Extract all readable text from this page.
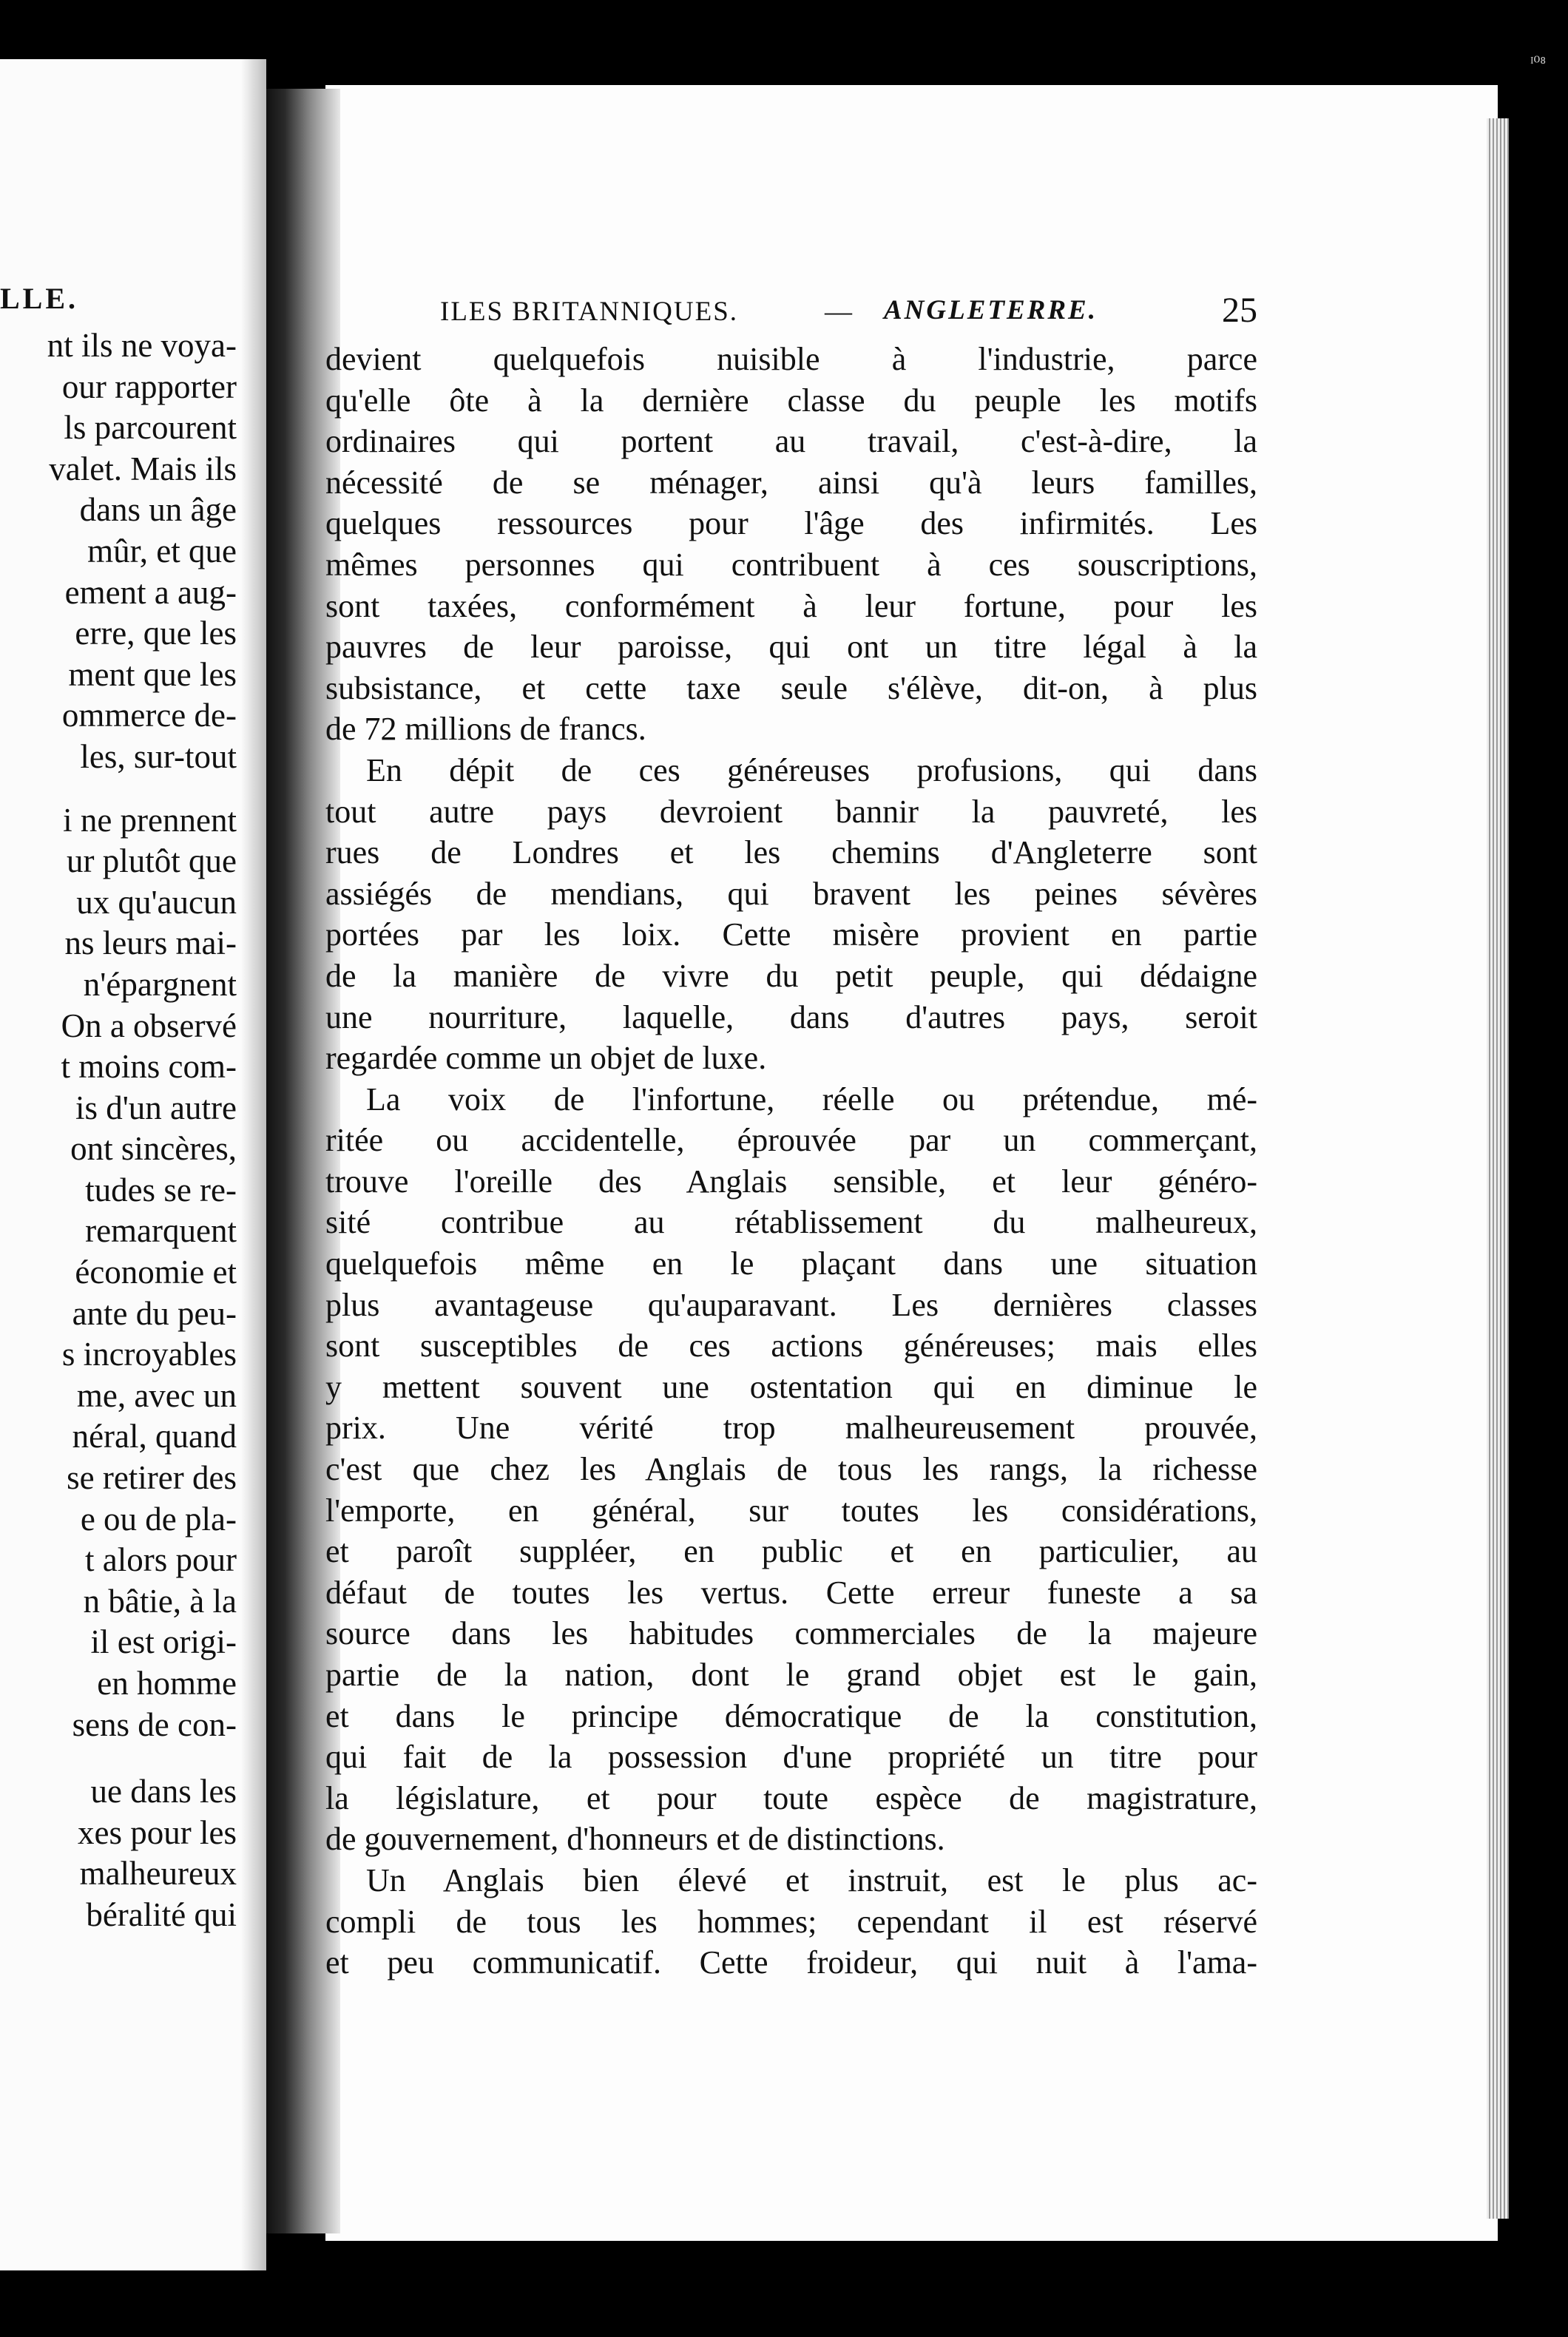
ᴵ⁰⁸
LLE.
nt ils ne voya-
our rapporter
ls parcourent
valet. Mais ils
dans un âge
mûr, et que
ement a aug-
erre, que les
ment que les
ommerce de-
les, sur-tout
i ne prennent
ur plutôt que
ux qu'aucun
ns leurs mai-
n'épargnent
On a observé
t moins com-
is d'un autre
ont sincères,
tudes se re-
remarquent
économie et
ante du peu-
s incroyables
me, avec un
néral, quand
se retirer des
e ou de pla-
t alors pour
n bâtie, à la
il est origi-
en homme
sens de con-
ue dans les
xes pour les
malheureux
béralité qui
ILES BRITANNIQUES.	— ANGLETERRE.	25
devient quelquefois nuisible à l'industrie, parce
qu'elle ôte à la dernière classe du peuple les motifs
ordinaires qui portent au travail, c'est-à-dire, la
nécessité de se ménager, ainsi qu'à leurs familles,
quelques ressources pour l'âge des infirmités. Les
mêmes personnes qui contribuent à ces souscriptions,
sont taxées, conformément à leur fortune, pour les
pauvres de leur paroisse, qui ont un titre légal à la
subsistance, et cette taxe seule s'élève, dit-on, à plus
de 72 millions de francs.
En dépit de ces généreuses profusions, qui dans
tout autre pays devroient bannir la pauvreté, les
rues de Londres et les chemins d'Angleterre sont
assiégés de mendians, qui bravent les peines sévères
portées par les loix. Cette misère provient en partie
de la manière de vivre du petit peuple, qui dédaigne
une nourriture, laquelle, dans d'autres pays, seroit
regardée comme un objet de luxe.
La voix de l'infortune, réelle ou prétendue, mé-
ritée ou accidentelle, éprouvée par un commerçant,
trouve l'oreille des Anglais sensible, et leur généro-
sité contribue au rétablissement du malheureux,
quelquefois même en le plaçant dans une situation
plus avantageuse qu'auparavant. Les dernières classes
sont susceptibles de ces actions généreuses; mais elles
y mettent souvent une ostentation qui en diminue le
prix. Une vérité trop malheureusement prouvée,
c'est que chez les Anglais de tous les rangs, la richesse
l'emporte, en général, sur toutes les considérations,
et paroît suppléer, en public et en particulier, au
défaut de toutes les vertus. Cette erreur funeste a sa
source dans les habitudes commerciales de la majeure
partie de la nation, dont le grand objet est le gain,
et dans le principe démocratique de la constitution,
qui fait de la possession d'une propriété un titre pour
la législature, et pour toute espèce de magistrature,
de gouvernement, d'honneurs et de distinctions.
Un Anglais bien élevé et instruit, est le plus ac-
compli de tous les hommes; cependant il est réservé
et peu communicatif. Cette froideur, qui nuit à l'ama-
